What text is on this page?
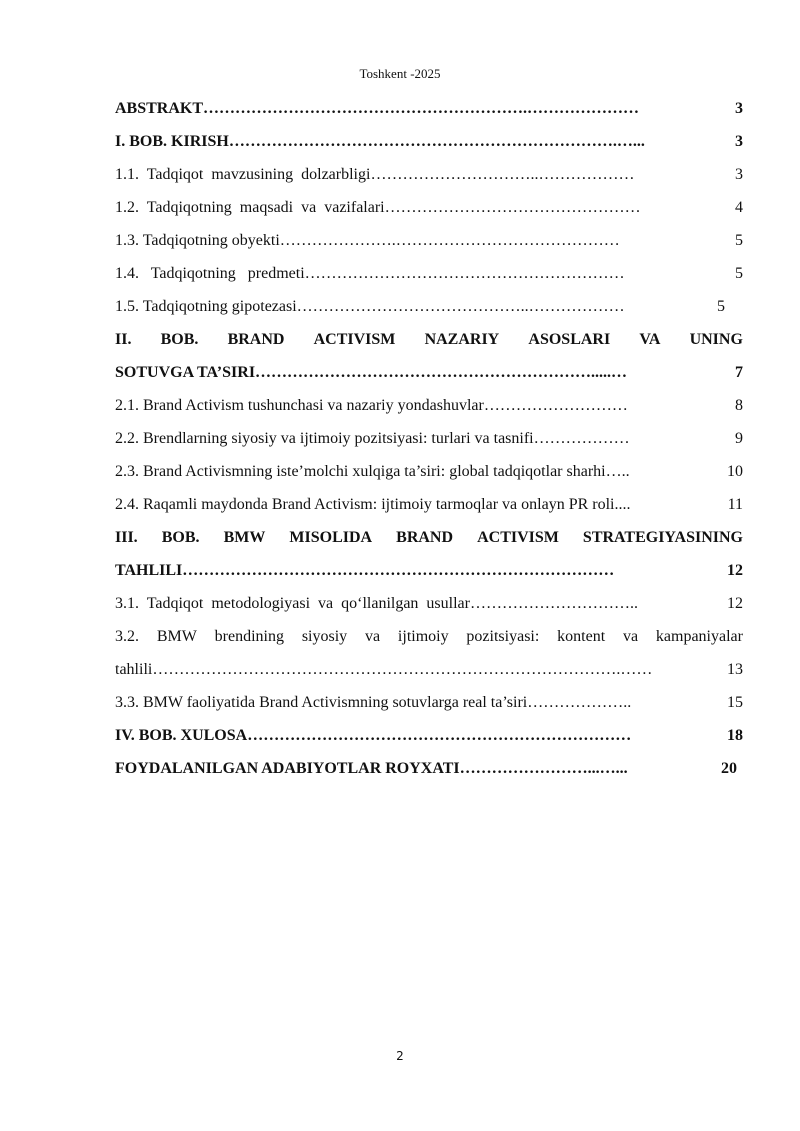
Toshkent -2025
ABSTRAKT …………………………………………………….…………………	3
I. BOB. KIRISH ……………………………………………………………….…...	3
1.1.  Tadqiqot  mavzusining  dolzarbligi …………………………..………………	3
1.2.  Tadqiqotning  maqsadi  va  vazifalari …………………………………………	4
1.3. Tadqiqotning obyekti ………………….……………………………………	5
1.4.   Tadqiqotning   predmeti ……………………………………………………	5
1.5. Tadqiqotning gipotezasi ……………………………………..………………	5
II. BOB. BRAND ACTIVISM NAZARIY ASOSLARI VA UNING
SOTUVGA TA’SIRI ……………………………………………………….....…	7
2.1. Brand Activism tushunchasi va nazariy yondashuvlar ………………………	8
2.2. Brendlarning siyosiy va ijtimoiy pozitsiyasi: turlari va tasnifi ………………	9
2.3. Brand Activismning iste’molchi xulqiga ta’siri: global tadqiqotlar sharhi …..	10
2.4. Raqamli maydonda Brand Activism: ijtimoiy tarmoqlar va onlayn PR roli ....	11
III. BOB. BMW MISOLIDA BRAND ACTIVISM STRATEGIYASINING
TAHLILI ………………………………………………………………………	12
3.1.  Tadqiqot  metodologiyasi  va  qo‘llanilgan  usullar …………………………..	12
3.2. BMW brendining siyosiy va ijtimoiy pozitsiyasi: kontent va kampaniyalar
tahlili …………………………………………………………………………….……	13
3.3. BMW faoliyatida Brand Activismning sotuvlarga real ta’siri ………………..	15
IV. BOB. XULOSA ………………………………………………………………	18
FOYDALANILGAN ADABIYOTLAR ROYXATI ……………………...…...	20
2
